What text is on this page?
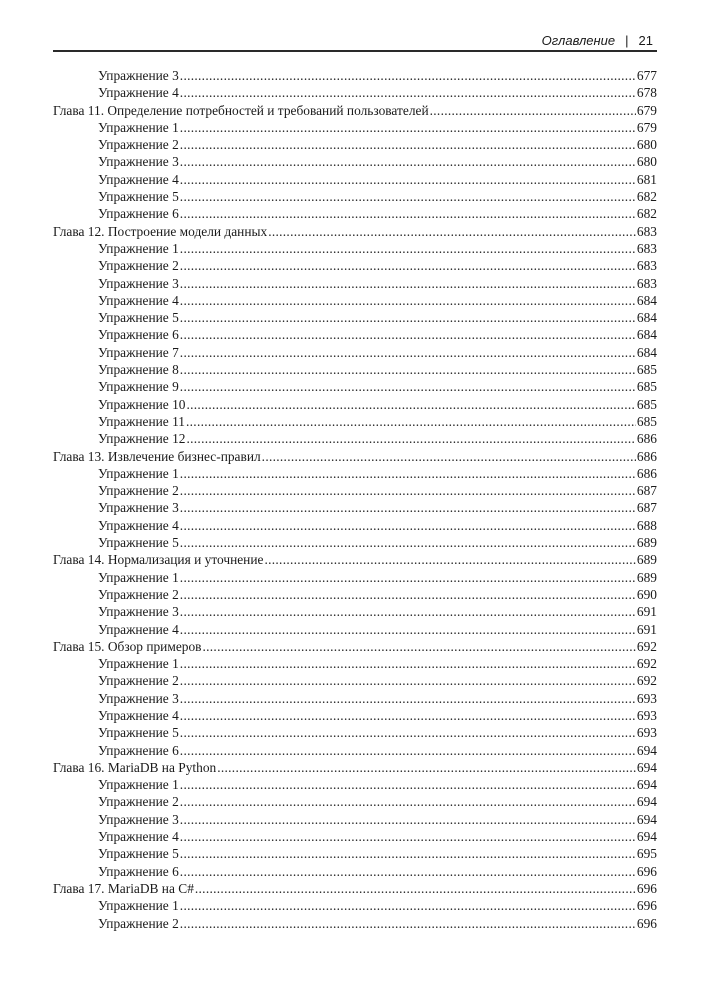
Оглавление | 21
Упражнение 3 .....	677
Упражнение 4 .....	678
Глава 11. Определение потребностей и требований пользователей .....	679
Упражнение 1 .....	679
Упражнение 2 .....	680
Упражнение 3 .....	680
Упражнение 4 .....	681
Упражнение 5 .....	682
Упражнение 6 .....	682
Глава 12. Построение модели данных .....	683
Упражнение 1 .....	683
Упражнение 2 .....	683
Упражнение 3 .....	683
Упражнение 4 .....	684
Упражнение 5 .....	684
Упражнение 6 .....	684
Упражнение 7 .....	684
Упражнение 8 .....	685
Упражнение 9 .....	685
Упражнение 10 .....	685
Упражнение 11 .....	685
Упражнение 12 .....	686
Глава 13. Извлечение бизнес-правил .....	686
Упражнение 1 .....	686
Упражнение 2 .....	687
Упражнение 3 .....	687
Упражнение 4 .....	688
Упражнение 5 .....	689
Глава 14. Нормализация и уточнение .....	689
Упражнение 1 .....	689
Упражнение 2 .....	690
Упражнение 3 .....	691
Упражнение 4 .....	691
Глава 15. Обзор примеров .....	692
Упражнение 1 .....	692
Упражнение 2 .....	692
Упражнение 3 .....	693
Упражнение 4 .....	693
Упражнение 5 .....	693
Упражнение 6 .....	694
Глава 16. MariaDB на Python .....	694
Упражнение 1 .....	694
Упражнение 2 .....	694
Упражнение 3 .....	694
Упражнение 4 .....	694
Упражнение 5 .....	695
Упражнение 6 .....	696
Глава 17. MariaDB на C# .....	696
Упражнение 1 .....	696
Упражнение 2 .....	696
